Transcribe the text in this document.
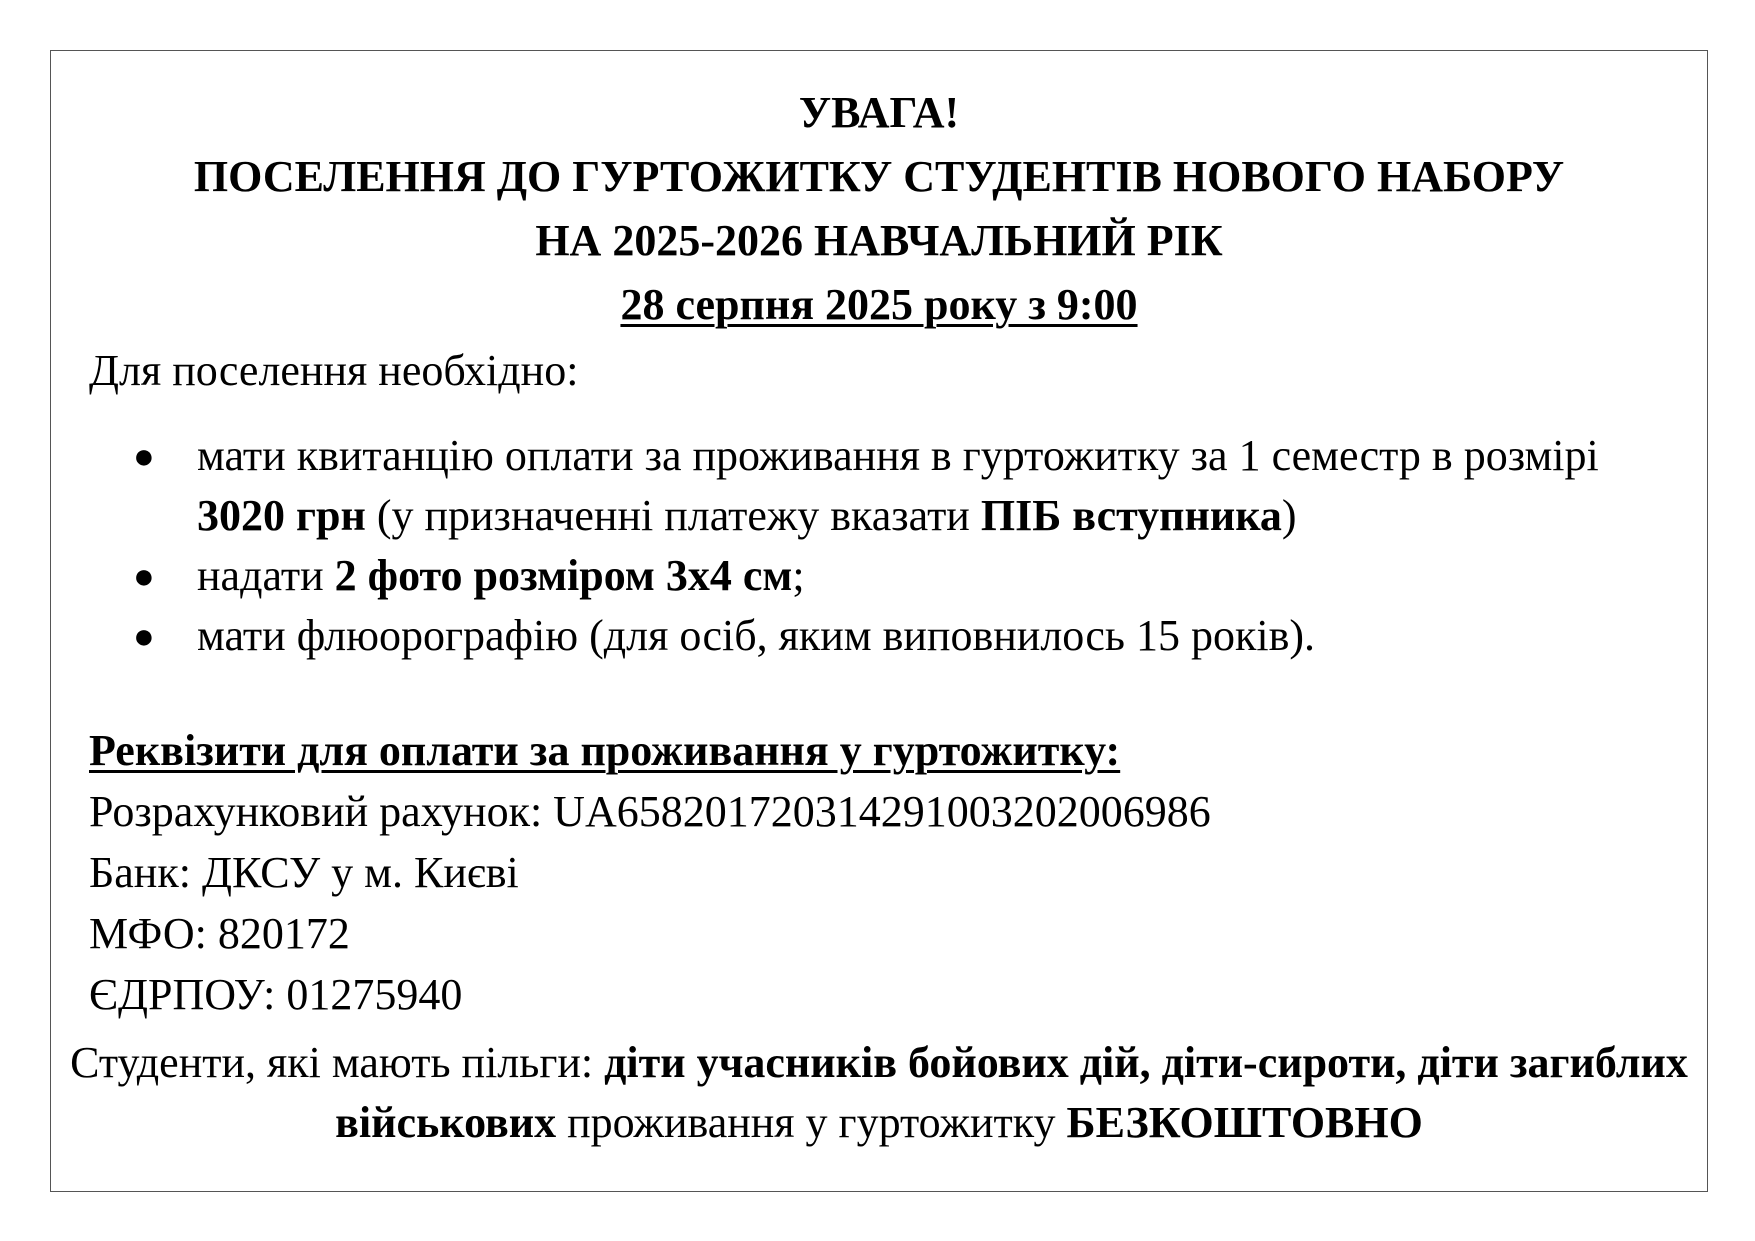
УВАГА!
ПОСЕЛЕННЯ ДО ГУРТОЖИТКУ СТУДЕНТІВ НОВОГО НАБОРУ
НА 2025-2026 НАВЧАЛЬНИЙ РІК
28 серпня 2025 року з 9:00
Для поселення необхідно:
● мати квитанцію оплати за проживання в гуртожитку за 1 семестр в розмірі 3020 грн (у призначенні платежу вказати ПІБ вступника)
● надати 2 фото розміром 3х4 см;
● мати флюорографію (для осіб, яким виповнилось 15 років).
Реквізити для оплати за проживання у гуртожитку:
Розрахунковий рахунок: UA658201720314291003202006986
Банк: ДКСУ у м. Києві
МФО: 820172
ЄДРПОУ: 01275940
Студенти, які мають пільги: діти учасників бойових дій, діти-сироти, діти загиблих військових проживання у гуртожитку БЕЗКОШТОВНО
